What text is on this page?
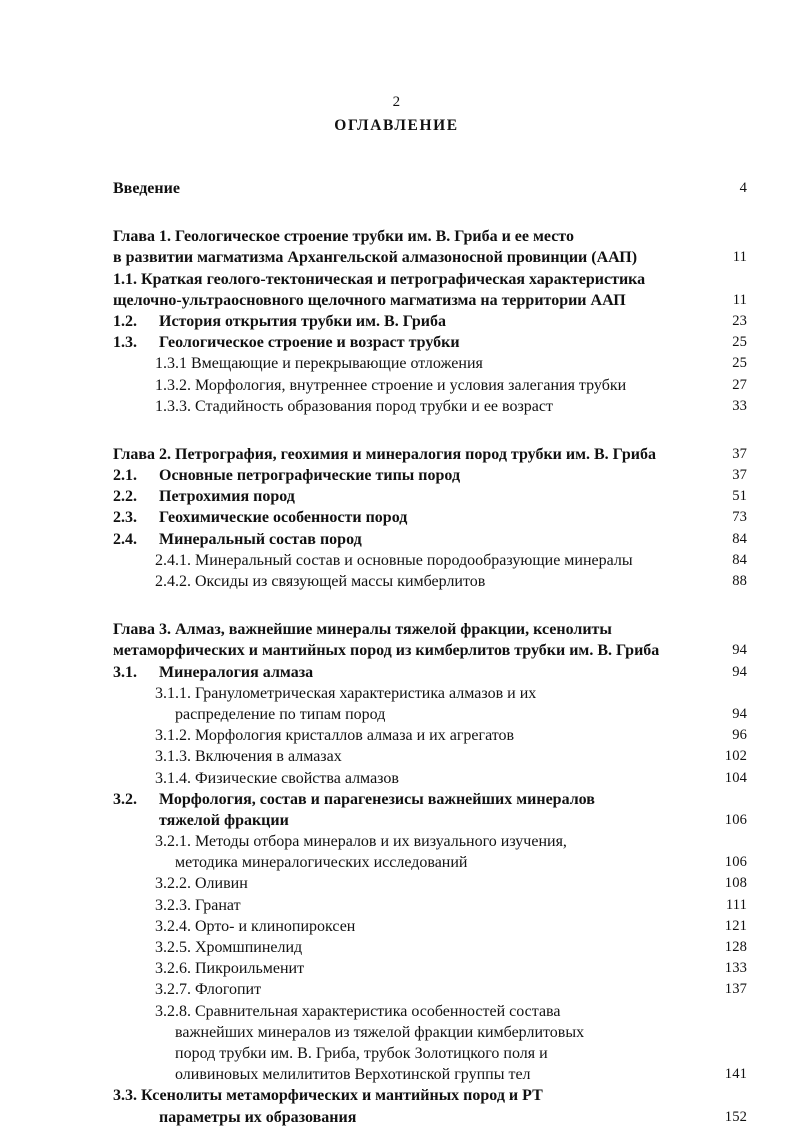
2
ОГЛАВЛЕНИЕ
Введение	4
Глава 1. Геологическое строение трубки им. В. Гриба и ее место
в развитии магматизма Архангельской алмазоносной провинции (ААП)	11
1.1. Краткая геолого-тектоническая и петрографическая характеристика
щелочно-ультраосновного щелочного магматизма на территории ААП	11
1.2. История открытия трубки им. В. Гриба	23
1.3. Геологическое строение и возраст трубки	25
1.3.1 Вмещающие и перекрывающие отложения	25
1.3.2. Морфология, внутреннее строение и условия залегания трубки	27
1.3.3. Стадийность образования пород трубки и ее возраст	33
Глава 2. Петрография, геохимия и минералогия пород трубки им. В. Гриба	37
2.1. Основные петрографические типы пород	37
2.2. Петрохимия пород	51
2.3. Геохимические особенности пород	73
2.4. Минеральный состав пород	84
2.4.1. Минеральный состав и основные породообразующие минералы	84
2.4.2. Оксиды из связующей массы кимберлитов	88
Глава 3. Алмаз, важнейшие минералы тяжелой фракции, ксенолиты
метаморфических и мантийных пород из кимберлитов трубки им. В. Гриба	94
3.1. Минералогия алмаза	94
3.1.1. Гранулометрическая характеристика алмазов и их
распределение по типам пород	94
3.1.2. Морфология кристаллов алмаза и их агрегатов	96
3.1.3. Включения в алмазах	102
3.1.4. Физические свойства алмазов	104
3.2. Морфология, состав и парагенезисы важнейших минералов
тяжелой фракции	106
3.2.1. Методы отбора минералов и их визуального изучения,
методика минералогических исследований	106
3.2.2. Оливин	108
3.2.3. Гранат	111
3.2.4. Орто- и клинопироксен	121
3.2.5. Хромшпинелид	128
3.2.6. Пикроильменит	133
3.2.7. Флогопит	137
3.2.8. Сравнительная характеристика особенностей состава
важнейших минералов из тяжелой фракции кимберлитовых
пород трубки им. В. Гриба, трубок Золотицкого поля и
оливиновых мелилититов Верхотинской группы тел	141
3.3. Ксенолиты метаморфических и мантийных пород и РТ
параметры их образования	152
